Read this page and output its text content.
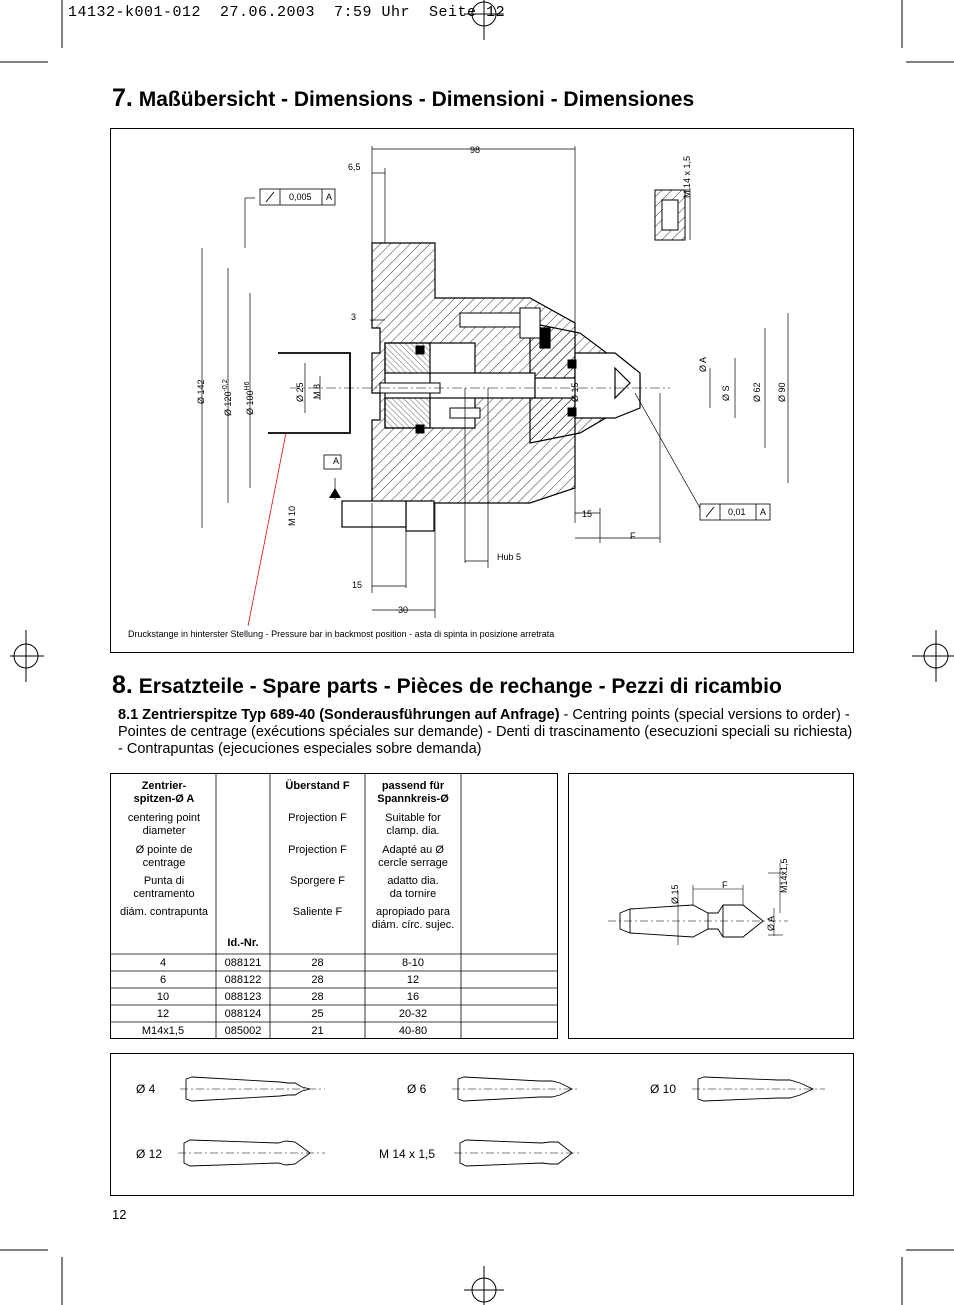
14132-k001-012  27.06.2003  7:59 Uhr  Seite 12
7. Maßübersicht - Dimensions - Dimensioni - Dimensiones
98
6,5
0,005 A
3
A
15
30
Hub 5
15
F
0,01 A
Ø 142 Ø $120^{-0,2}$
Ø $100^{H6}$	Ø 25 M 8
M 10
Ø 15
Ø A
Ø S Ø 62 Ø 90
M 14 x 1,5
Druckstange in hinterster Stellung - Pressure bar in backmost position - asta di spinta in posizione arretrata
8. Ersatzteile - Spare parts - Pièces de rechange - Pezzi di ricambio
8.1 Zentrierspitze Typ 689-40 (Sonderausführungen auf Anfrage) - Centring points (special versions to order) - Pointes de centrage (exécutions spéciales sur demande) - Denti di trascinamento (esecuzioni speciali su richiesta) - Contrapuntas (ejecuciones especiales sobre demanda)
Zentrier-
spitzen-Ø A
centering point
diameter
Ø pointe de
centrage
Punta di
centramento
diám. contrapunta
Id.-Nr.
Überstand F
Projection F
Projection F
Sporgere F
Saliente F
passend für
Spannkreis-Ø
Suitable for
clamp. dia.
Adapté au Ø
cercle serrage
adatto dia.
da tornire
apropiado para
diám. círc. sujec.
4	088121	28	8-10
6	088122	28	12
10	088123	28	16
12	088124	25	20-32
M14x1,5	085002	21	40-80
Ø 15	F	M14x1,5
Ø A
Ø 4	Ø 6	Ø 10
Ø 12	M 14 x 1,5
12
